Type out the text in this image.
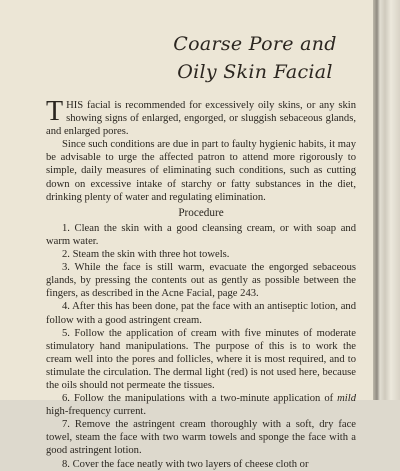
Coarse Pore and
Oily Skin Facial

THIS facial is recommended for excessively oily skins, or any skin showing signs of enlarged, engorged, or sluggish sebaceous glands, and enlarged pores.

Since such conditions are due in part to faulty hygienic habits, it may be advisable to urge the affected patron to attend more rigorously to simple, daily measures of eliminating such conditions, such as cutting down on excessive intake of starchy or fatty substances in the diet, drinking plenty of water and regulating elimination.

Procedure

1. Clean the skin with a good cleansing cream, or with soap and warm water.

2. Steam the skin with three hot towels.

3. While the face is still warm, evacuate the engorged sebaceous glands, by pressing the contents out as gently as possible between the fingers, as described in the Acne Facial, page 243.

4. After this has been done, pat the face with an antiseptic lotion, and follow with a good astringent cream.

5. Follow the application of cream with five minutes of moderate stimulatory hand manipulations. The purpose of this is to work the cream well into the pores and follicles, where it is most required, and to stimulate the circulation. The dermal light (red) is not used here, because the oils should not permeate the tissues.

6. Follow the manipulations with a two-minute application of mild high-frequency current.

7. Remove the astringent cream thoroughly with a soft, dry face towel, steam the face with two warm towels and sponge the face with a good astringent lotion.

8. Cover the face neatly with two layers of cheese cloth or
